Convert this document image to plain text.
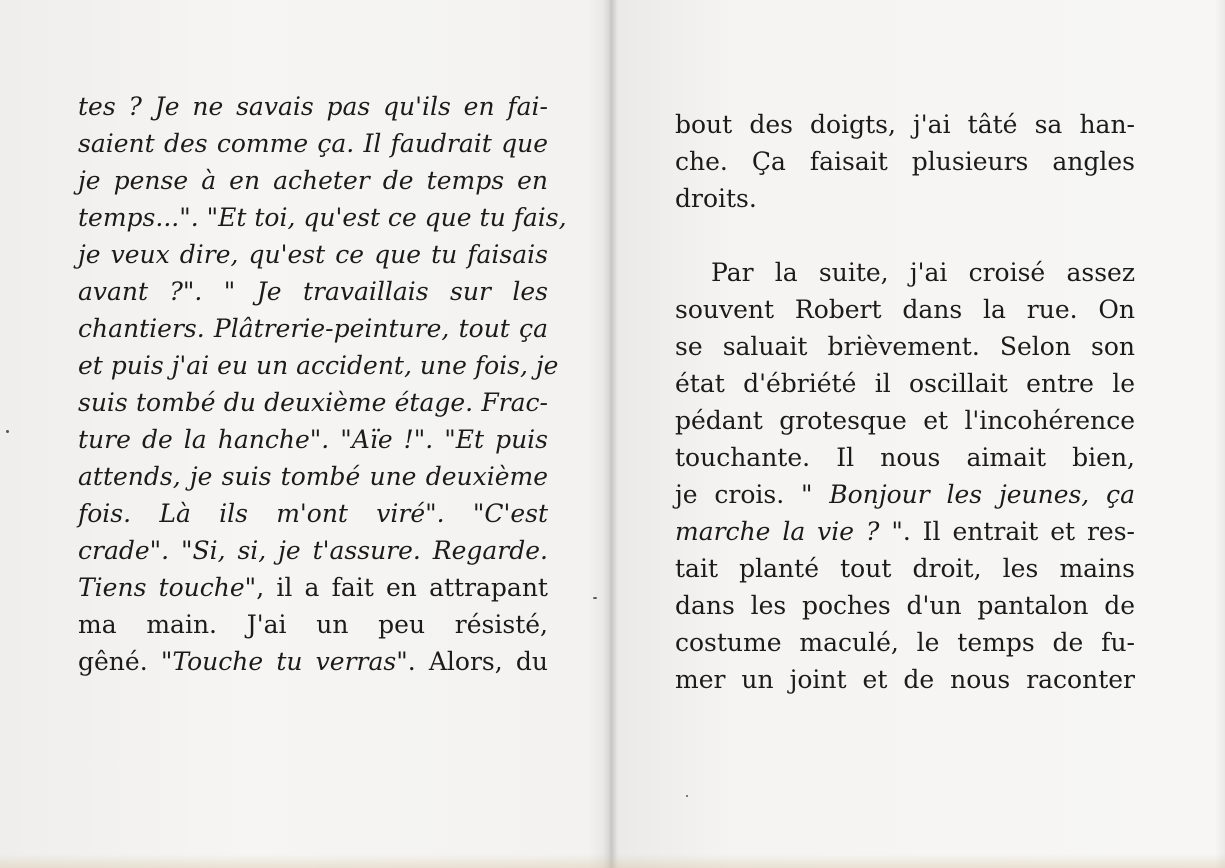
tes ? Je ne savais pas qu'ils en fai-
saient des comme ça. Il faudrait que
je pense à en acheter de temps en
temps...". "Et toi, qu'est ce que tu fais,
je veux dire, qu'est ce que tu faisais
avant ?". " Je travaillais sur les
chantiers. Plâtrerie-peinture, tout ça
et puis j'ai eu un accident, une fois, je
suis tombé du deuxième étage. Frac-
ture de la hanche". "Aïe !". "Et puis
attends, je suis tombé une deuxième
fois. Là ils m'ont viré". "C'est
crade". "Si, si, je t'assure. Regarde.
Tiens touche", il a fait en attrapant
ma main. J'ai un peu résisté,
gêné. "Touche tu verras". Alors, du
bout des doigts, j'ai tâté sa han-
che. Ça faisait plusieurs angles
droits.
Par la suite, j'ai croisé assez
souvent Robert dans la rue. On
se saluait brièvement. Selon son
état d'ébriété il oscillait entre le
pédant grotesque et l'incohérence
touchante. Il nous aimait bien,
je crois. " Bonjour les jeunes, ça
marche la vie ? ". Il entrait et res-
tait planté tout droit, les mains
dans les poches d'un pantalon de
costume maculé, le temps de fu-
mer un joint et de nous raconter
